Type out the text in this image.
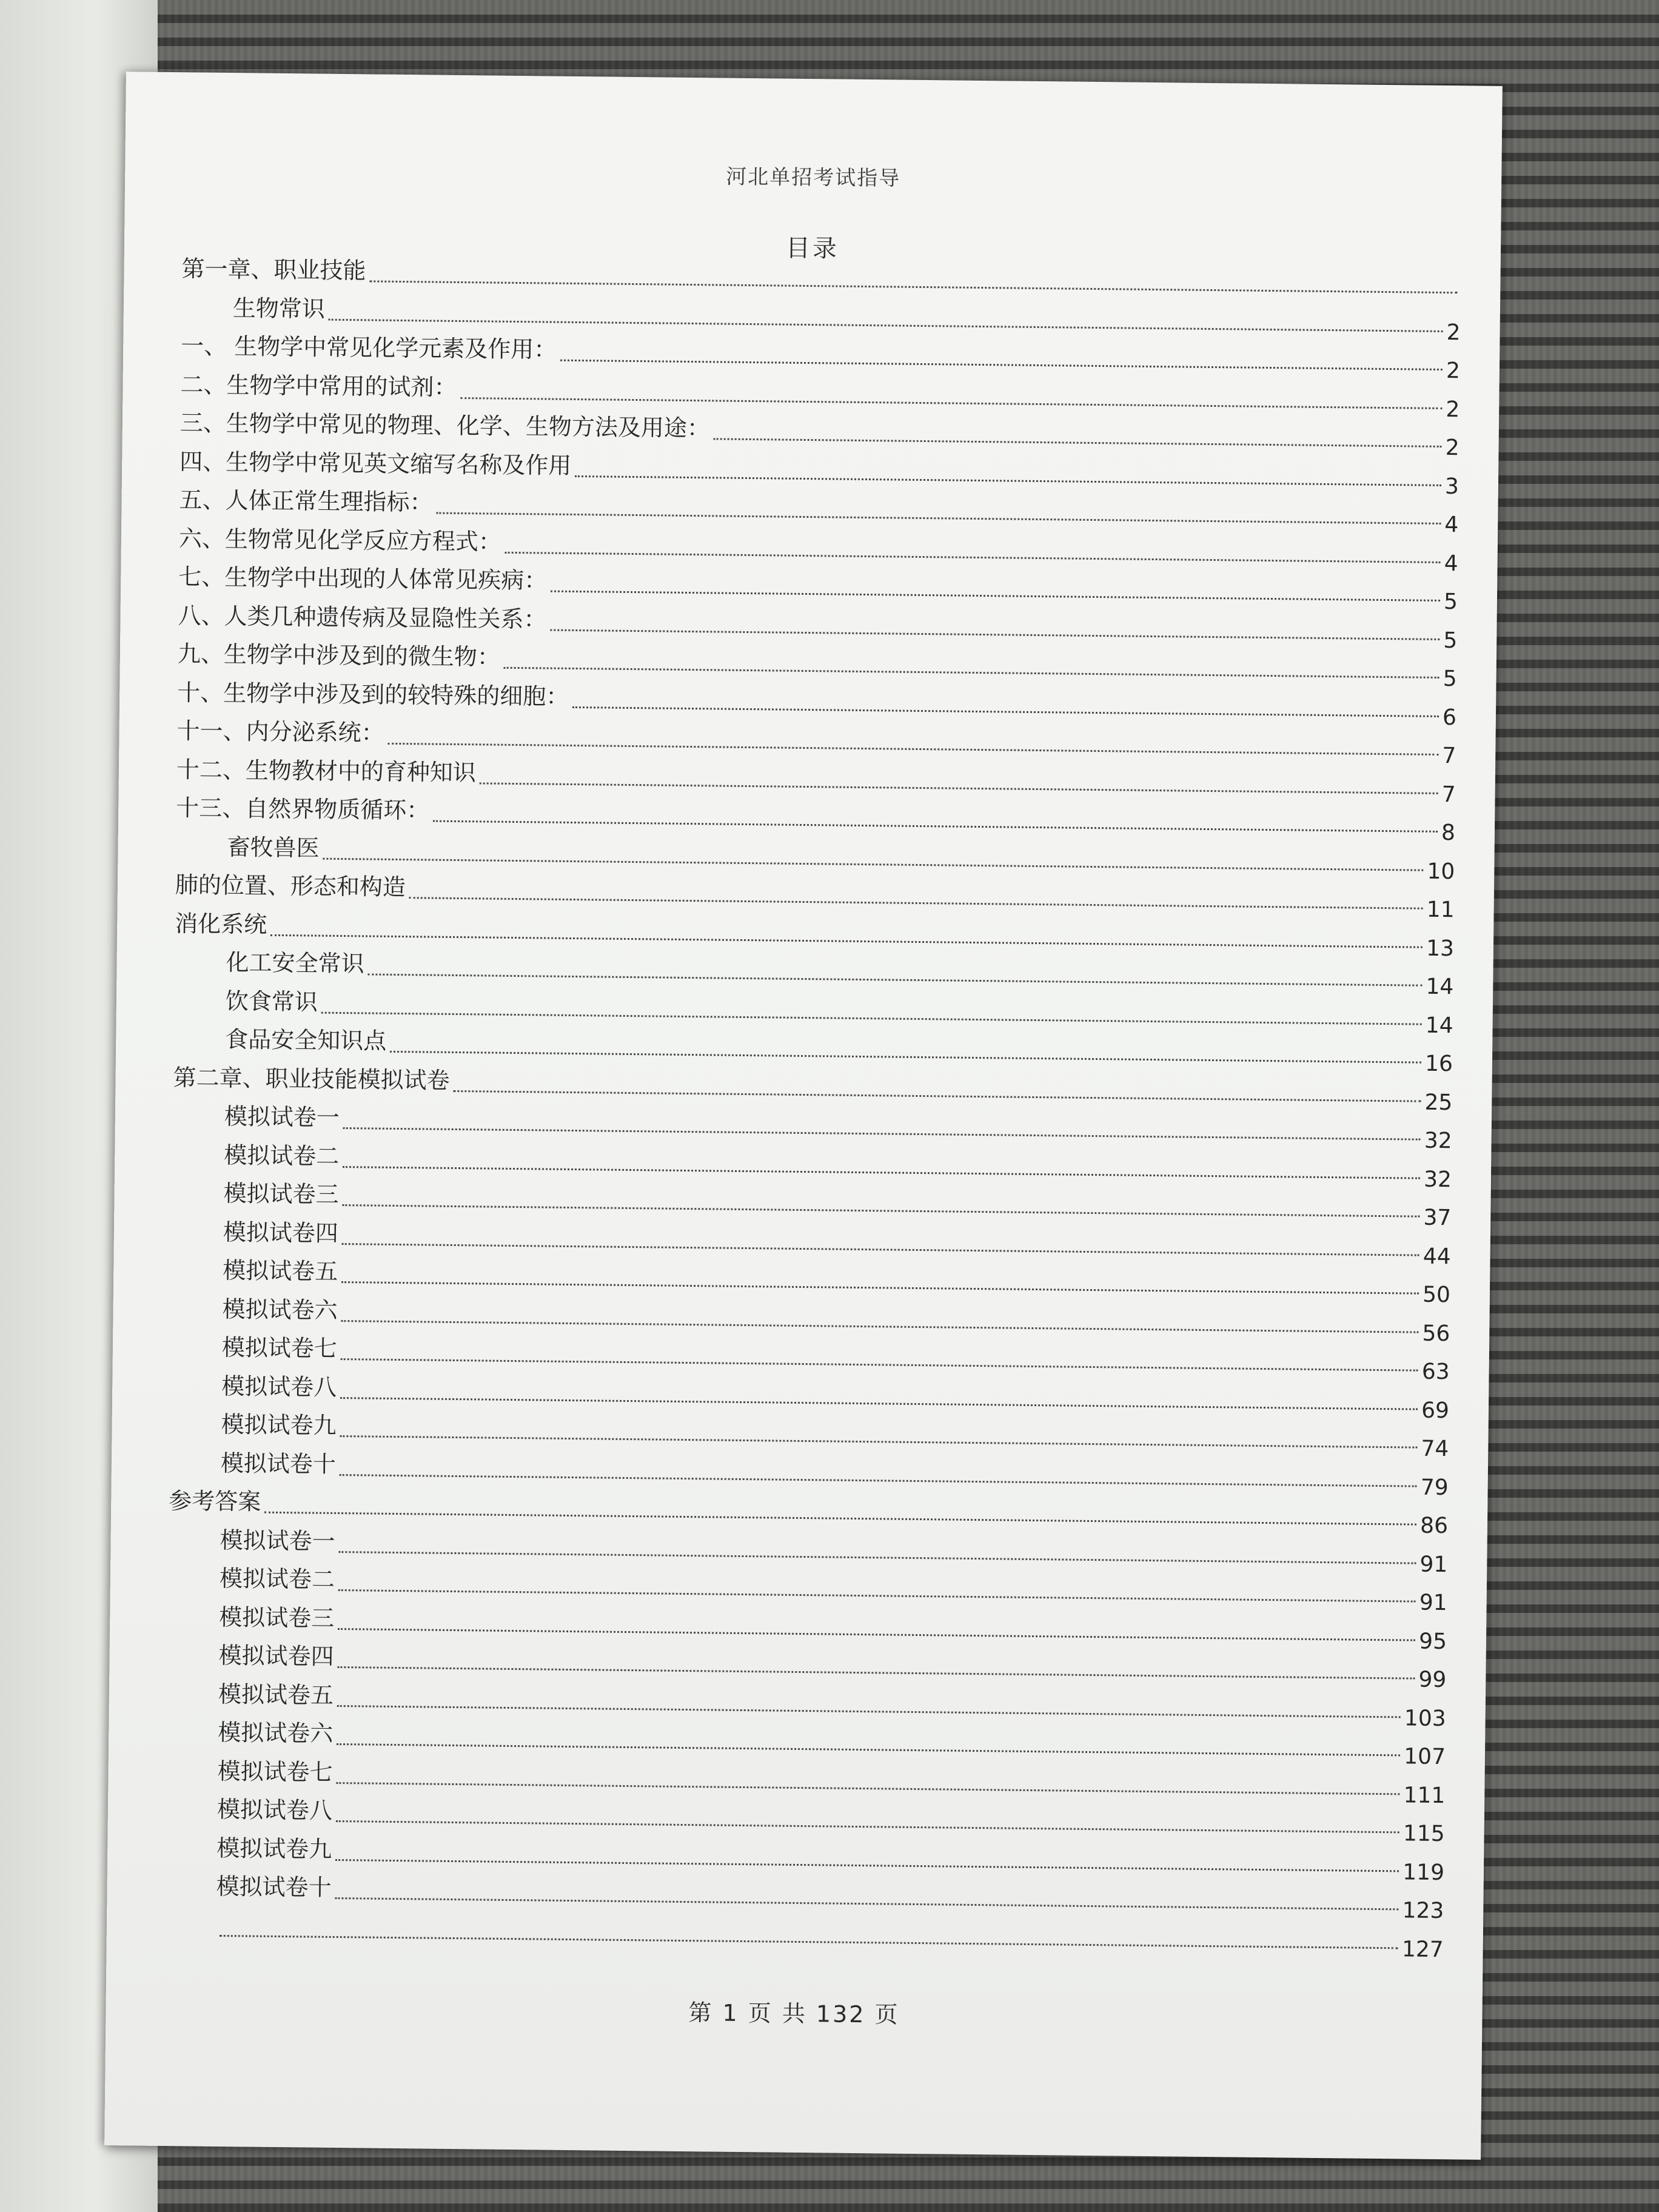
河北单招考试指导
目录
第一章、职业技能
生物常识
2
一、 生物学中常见化学元素及作用：
2
二、生物学中常用的试剂：
2
三、生物学中常见的物理、化学、生物方法及用途：
2
四、生物学中常见英文缩写名称及作用
3
五、人体正常生理指标：
4
六、生物常见化学反应方程式：
4
七、生物学中出现的人体常见疾病：
5
八、人类几种遗传病及显隐性关系：
5
九、生物学中涉及到的微生物：
5
十、生物学中涉及到的较特殊的细胞：
6
十一、内分泌系统：
7
十二、生物教材中的育种知识
7
十三、自然界物质循环：
8
畜牧兽医
10
肺的位置、形态和构造
11
消化系统
13
化工安全常识
14
饮食常识
14
食品安全知识点
16
第二章、职业技能模拟试卷
25
模拟试卷一
32
模拟试卷二
32
模拟试卷三
37
模拟试卷四
44
模拟试卷五
50
模拟试卷六
56
模拟试卷七
63
模拟试卷八
69
模拟试卷九
74
模拟试卷十
79
参考答案
86
模拟试卷一
91
模拟试卷二
91
模拟试卷三
95
模拟试卷四
99
模拟试卷五
103
模拟试卷六
107
模拟试卷七
111
模拟试卷八
115
模拟试卷九
119
模拟试卷十
123
127
第 1 页 共 132 页
